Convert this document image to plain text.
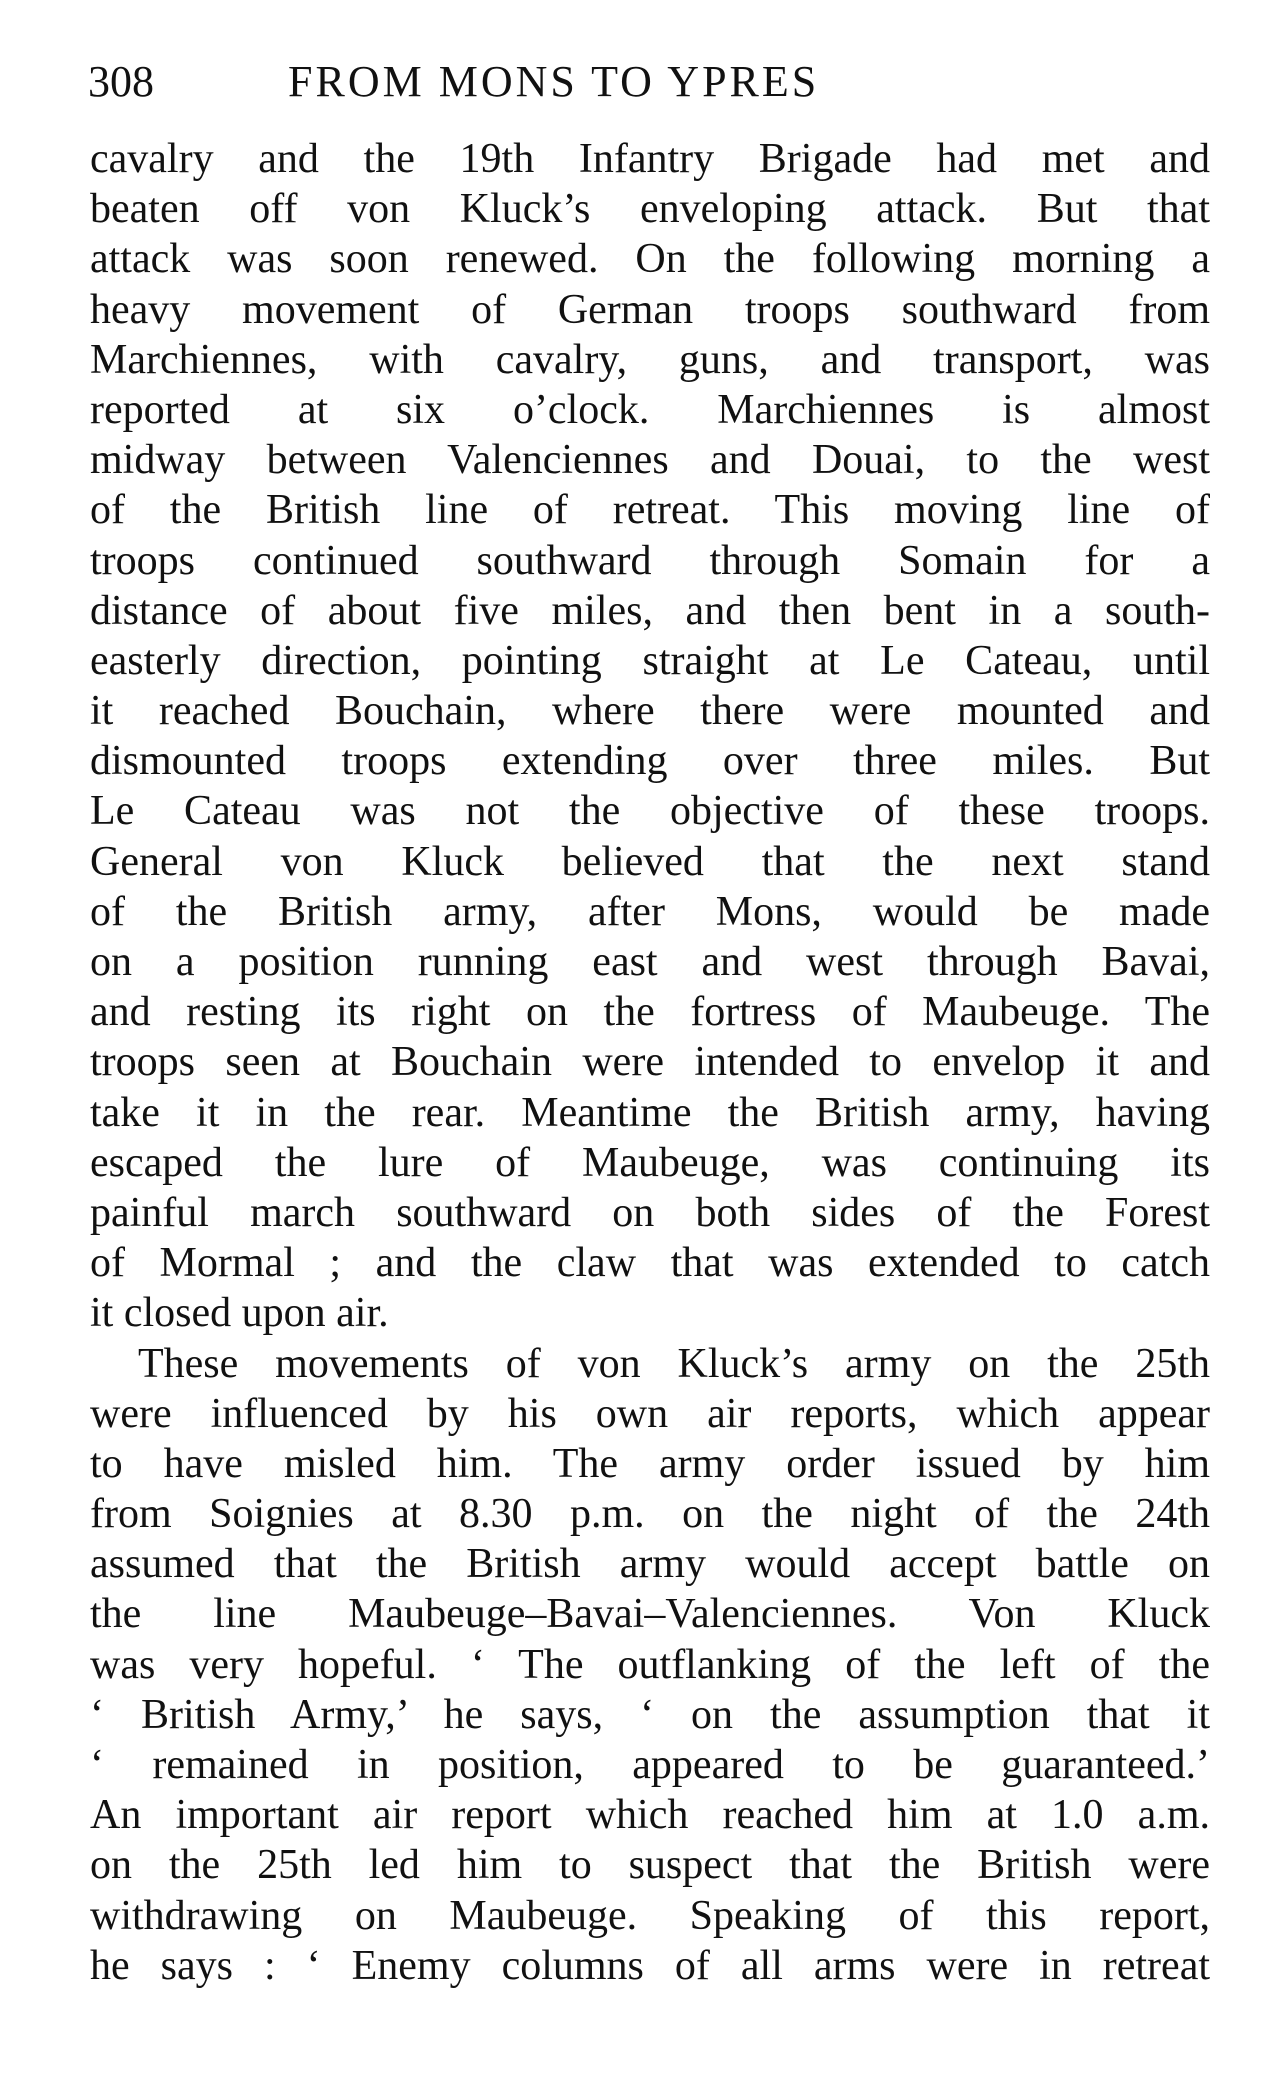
308	FROM MONS TO YPRES
cavalry and the 19th Infantry Brigade had met and
beaten off von Kluck’s enveloping attack. But that
attack was soon renewed. On the following morning a
heavy movement of German troops southward from
Marchiennes, with cavalry, guns, and transport, was
reported at six o’clock. Marchiennes is almost
midway between Valenciennes and Douai, to the west
of the British line of retreat. This moving line of
troops continued southward through Somain for a
distance of about five miles, and then bent in a south-
easterly direction, pointing straight at Le Cateau, until
it reached Bouchain, where there were mounted and
dismounted troops extending over three miles. But
Le Cateau was not the objective of these troops.
General von Kluck believed that the next stand
of the British army, after Mons, would be made
on a position running east and west through Bavai,
and resting its right on the fortress of Maubeuge. The
troops seen at Bouchain were intended to envelop it and
take it in the rear. Meantime the British army, having
escaped the lure of Maubeuge, was continuing its
painful march southward on both sides of the Forest
of Mormal ; and the claw that was extended to catch
it closed upon air.
These movements of von Kluck’s army on the 25th
were influenced by his own air reports, which appear
to have misled him. The army order issued by him
from Soignies at 8.30 p.m. on the night of the 24th
assumed that the British army would accept battle on
the line Maubeuge–Bavai–Valenciennes. Von Kluck
was very hopeful. ‘ The outflanking of the left of the
‘ British Army,’ he says, ‘ on the assumption that it
‘ remained in position, appeared to be guaranteed.’
An important air report which reached him at 1.0 a.m.
on the 25th led him to suspect that the British were
withdrawing on Maubeuge. Speaking of this report,
he says : ‘ Enemy columns of all arms were in retreat
